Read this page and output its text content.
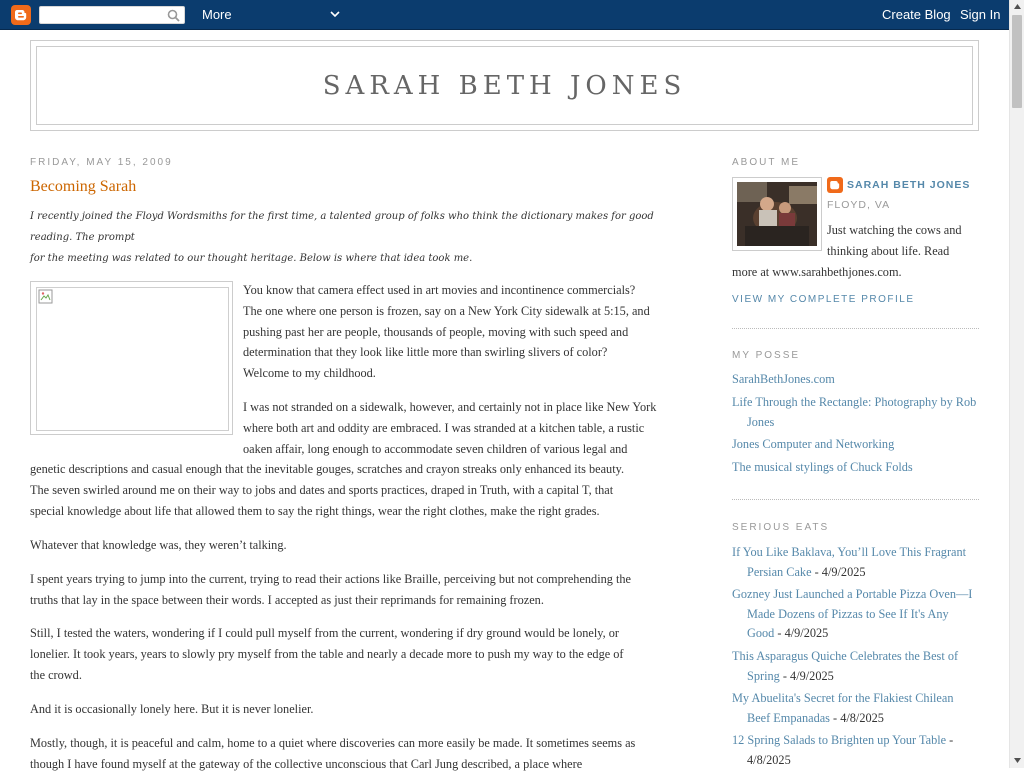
More	Create Blog Sign In
SARAH BETH JONES
FRIDAY, MAY 15, 2009
Becoming Sarah
I recently joined the Floyd Wordsmiths for the first time, a talented group of folks who think the dictionary makes for good reading. The prompt
for the meeting was related to our thought heritage. Below is where that idea took me.
You know that camera effect used in art movies and incontinence commercials?
The one where one person is frozen, say on a New York City sidewalk at 5:15, and
pushing past her are people, thousands of people, moving with such speed and
determination that they look like little more than swirling slivers of color?
Welcome to my childhood.
I was not stranded on a sidewalk, however, and certainly not in place like New York
where both art and oddity are embraced. I was stranded at a kitchen table, a rustic
oaken affair, long enough to accommodate seven children of various legal and
genetic descriptions and casual enough that the inevitable gouges, scratches and crayon streaks only enhanced its beauty.
The seven swirled around me on their way to jobs and dates and sports practices, draped in Truth, with a capital T, that
special knowledge about life that allowed them to say the right things, wear the right clothes, make the right grades.
Whatever that knowledge was, they weren’t talking.
I spent years trying to jump into the current, trying to read their actions like Braille, perceiving but not comprehending the
truths that lay in the space between their words. I accepted as just their reprimands for remaining frozen.
Still, I tested the waters, wondering if I could pull myself from the current, wondering if dry ground would be lonely, or
lonelier. It took years, years to slowly pry myself from the table and nearly a decade more to push my way to the edge of
the crowd.
And it is occasionally lonely here. But it is never lonelier.
Mostly, though, it is peaceful and calm, home to a quiet where discoveries can more easily be made. It sometimes seems as
though I have found myself at the gateway of the collective unconscious that Carl Jung described, a place where
ABOUT ME
SARAH BETH JONES
FLOYD, VA
Just watching the cows and
thinking about life. Read
more at www.sarahbethjones.com.
VIEW MY COMPLETE PROFILE
MY POSSE
SarahBethJones.com
Life Through the Rectangle: Photography by Rob Jones
Jones Computer and Networking
The musical stylings of Chuck Folds
SERIOUS EATS
If You Like Baklava, You’ll Love This Fragrant Persian Cake - 4/9/2025
Gozney Just Launched a Portable Pizza Oven—I Made Dozens of Pizzas to See If It's Any Good - 4/9/2025
This Asparagus Quiche Celebrates the Best of Spring - 4/9/2025
My Abuelita's Secret for the Flakiest Chilean Beef Empanadas - 4/8/2025
12 Spring Salads to Brighten up Your Table - 4/8/2025
